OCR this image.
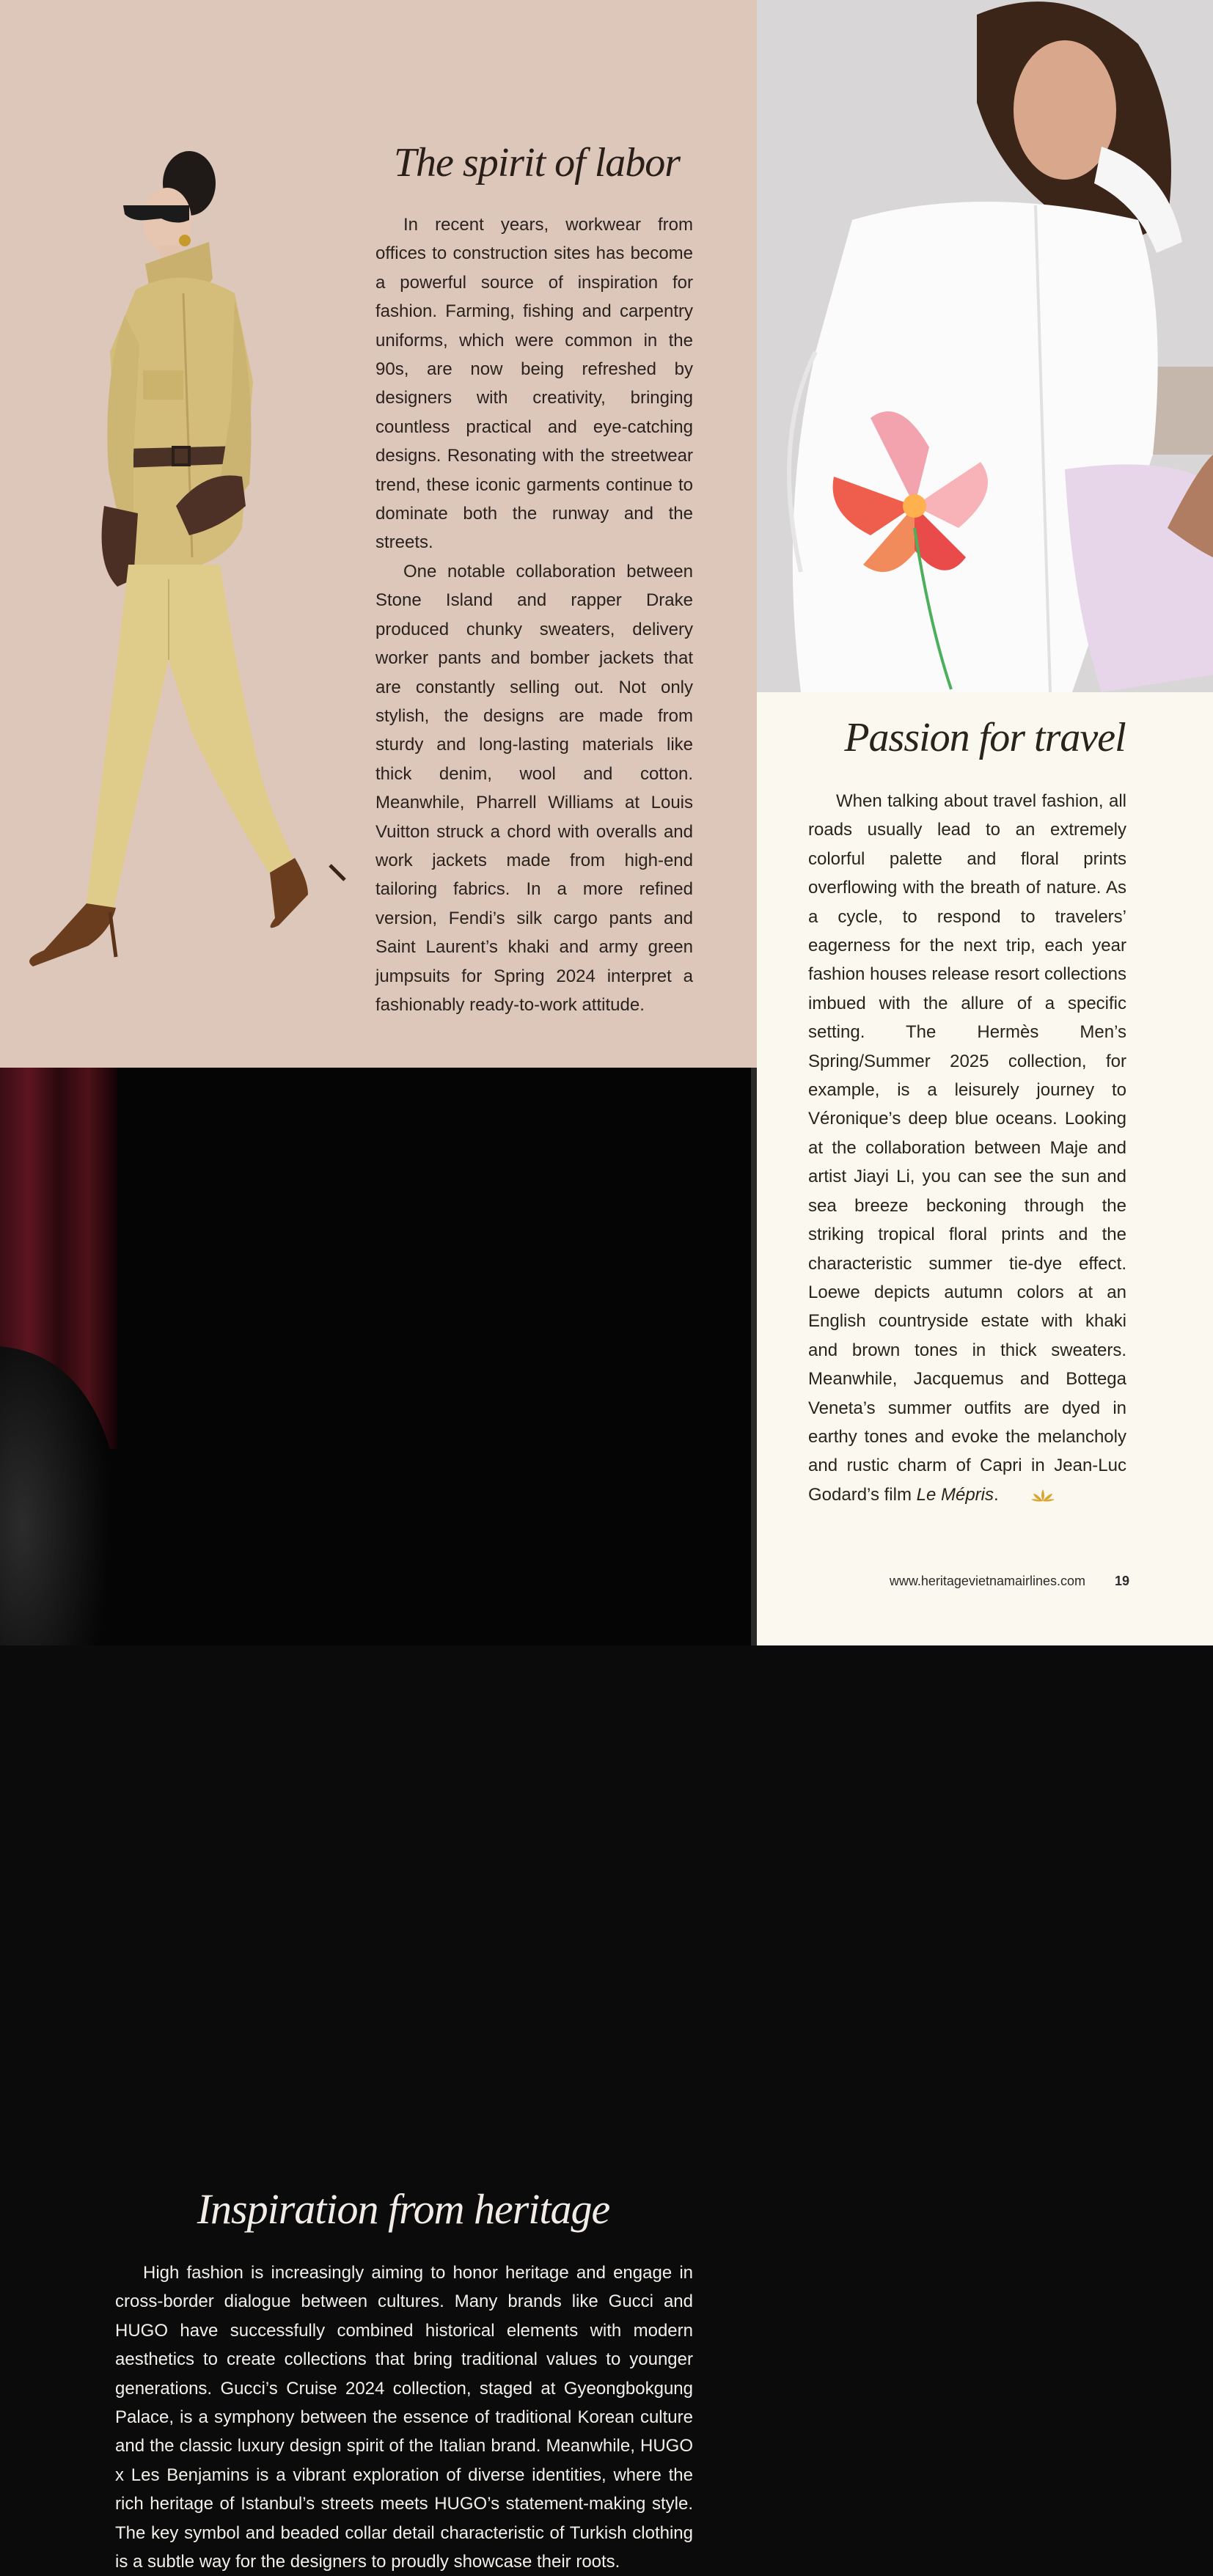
The spirit of labor

In recent years, workwear from offices to construction sites has become a powerful source of inspiration for fashion. Farming, fishing and carpentry uniforms, which were common in the 90s, are now being refreshed by designers with creativity, bringing countless practical and eye-catching designs. Resonating with the streetwear trend, these iconic garments continue to dominate both the runway and the streets.

One notable collaboration between Stone Island and rapper Drake produced chunky sweaters, delivery worker pants and bomber jackets that are constantly selling out. Not only stylish, the designs are made from sturdy and long-lasting materials like thick denim, wool and cotton. Meanwhile, Pharrell Williams at Louis Vuitton struck a chord with overalls and work jackets made from high-end tailoring fabrics. In a more refined version, Fendi’s silk cargo pants and Saint Laurent’s khaki and army green jumpsuits for Spring 2024 interpret a fashionably ready-to-work attitude.

Inspiration from heritage

High fashion is increasingly aiming to honor heritage and engage in cross-border dialogue between cultures. Many brands like Gucci and HUGO have successfully combined historical elements with modern aesthetics to create collections that bring traditional values to younger generations. Gucci’s Cruise 2024 collection, staged at Gyeongbokgung Palace, is a symphony between the essence of traditional Korean culture and the classic luxury design spirit of the Italian brand. Meanwhile, HUGO x Les Benjamins is a vibrant exploration of diverse identities, where the rich heritage of Istanbul’s streets meets HUGO’s statement-making style. The key symbol and beaded collar detail characteristic of Turkish clothing is a subtle way for the designers to proudly showcase their roots.

Passion for travel

When talking about travel fashion, all roads usually lead to an extremely colorful palette and floral prints overflowing with the breath of nature. As a cycle, to respond to travelers’ eagerness for the next trip, each year fashion houses release resort collections imbued with the allure of a specific setting. The Hermès Men’s Spring/Summer 2025 collection, for example, is a leisurely journey to Véronique’s deep blue oceans. Looking at the collaboration between Maje and artist Jiayi Li, you can see the sun and sea breeze beckoning through the striking tropical floral prints and the characteristic summer tie-dye effect. Loewe depicts autumn colors at an English countryside estate with khaki and brown tones in thick sweaters. Meanwhile, Jacquemus and Bottega Veneta’s summer outfits are dyed in earthy tones and evoke the melancholy and rustic charm of Capri in Jean-Luc Godard’s film Le Mépris.

www.heritagevietnamairlines.com	19
